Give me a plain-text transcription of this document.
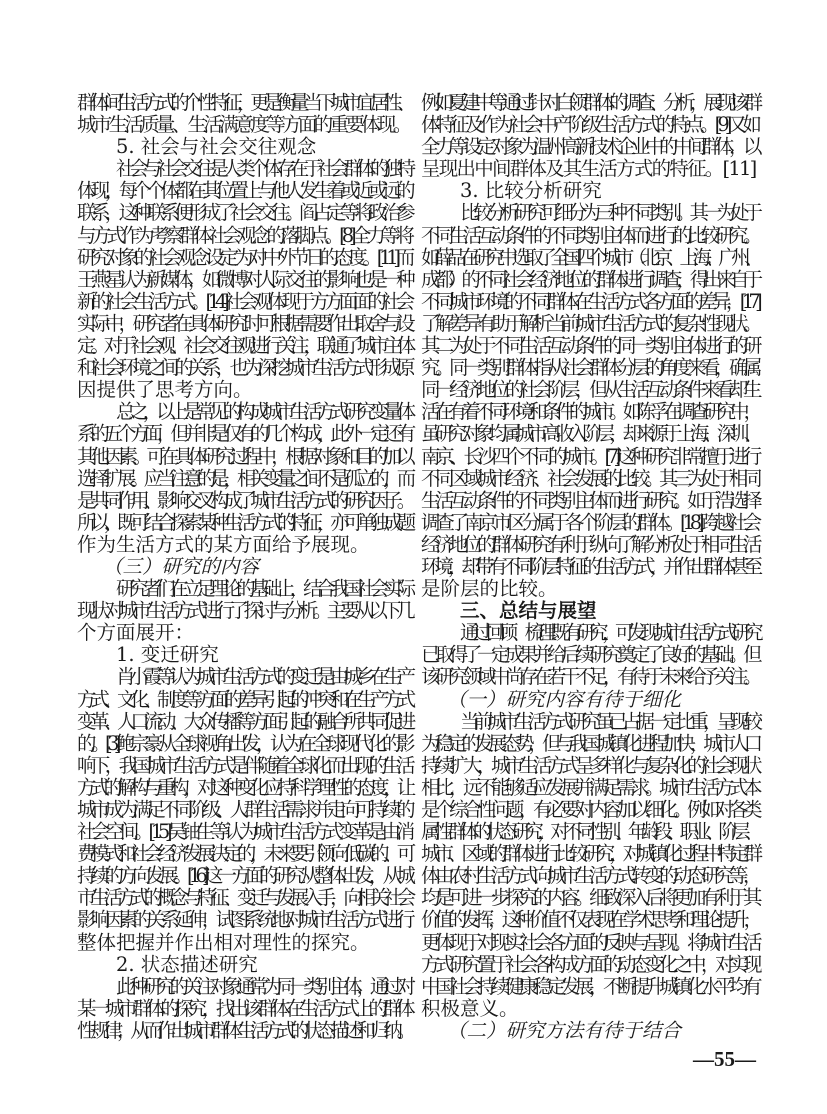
群体间生活方式的个性特征，更是衡量当下城市宜居性、
城市生活质量、生活满意度等方面的重要体现。
5. 社会与社会交往观念
社会与社会交往是人类个体存在于社会群体的独特
体现，每个个体都在其位置上与他人发生着或近或远的
联系，这种联系便形成了社会交往。阎占定等将政治参
与方式作为考察群体社会观念的落脚点。[8]全力等将
研究对象的社会观念设定为对中外节日的态度。[11]而
王燕星认为新媒体，如微博对人际交往的影响也是一种
新的社会生活方式。[14]社会观体现于方方面面的社会
实际中，研究者在具体研究时可根据需要作出取舍与设
定。对于社会观、社会交往观进行关注，联通了城市主体
和社会环境之间的关系，也为深挖城市生活方式形成原
因提供了思考方向。
总之，以上是常见的构成城市生活方式研究变量体
系的五个方面，但并非是仅有的几个构成，此外一定还有
其他因素。可在具体研究过程中，根据对象和目的加以
选择扩展。应当注意的是，相关变量之间不是孤立的，而
是共同作用、影响交叉构成了城市生活方式的研究因子。
所以，既可结合探索某种生活方式的特征，亦可单独成题
作为生活方式的某方面给予展现。
（三）研究的内容
研究者们在立足理论的基础上，结合我国社会实际
现状对城市生活方式进行了探讨与分析。主要从以下几
个方面展开：
1. 变迁研究
肖小霞等认为城市生活方式的变迁是由城乡在生产
方式、文化、制度等方面的差异引起的冲突和在生产方式
变革、人口流动、大众传播等方面引起的融合所共同促进
的。[3]鲍宗豪从全球视角出发，认为在全球现代化的影
响下，我国城市生活方式是伴随着全球化而出现的生活
方式的解构与重构，对这种变化应持科学理性的态度，让
城市成为满足不同阶级、人群生活需求并走向可持续的
社会空间。[15]吴铀生等认为城市生活方式变革是由消
费模式和社会经济发展决定的，未来要引领向低碳的、可
持续的方向发展。[16]这一方面的研究从整体出发，从城
市生活方式的概念与特征、变迁与发展入手，向相关社会
影响因素的关系延伸，试图系统地对城市生活方式进行
整体把握并作出相对理性的探究。
2. 状态描述研究
此种研究的关注对象通常为同一类别主体，通过对
某一城市群体的探究，找出该群体在生活方式上的群体
性规律，从而作出城市群体生活方式的状态描述和归纳。
例如夏建中等通过针对白领群体的调查、分析，展现该群
体特征及作为社会中产阶级生活方式的特点。[9]又如
全力等设定对象为温州高新技术企业中的中间群体，以
呈现出中间群体及其生活方式的特征。[11]
3. 比较分析研究
比较分析研究可细分为三种不同类别。其一为处于
不同生活互动条件的不同类别主体而进行的比较研究。
如薛品在研究中选取了全国四个城市（北京、上海、广州、
成都）的不同社会经济地位的群体进行调查，得出来自于
不同城市环境的不同群体在生活方式各方面的差异，[17]
了解差异有助于解析当前城市生活方式的复杂性现状。
其二为处于不同生活互动条件的同一类别主体进行的研
究。同一类别群体指从社会群体分层的角度来看，确属
同一经济地位的社会阶层，但从生活互动条件来看却生
活在有着不同环境和条件的城市。如陈孚在调查研究中，
虽研究对象均属城市高收入阶层，却来源于上海、深圳、
南京、长沙四个不同的城市。[7]这种研究非常擅于进行
不同区域城市经济、社会发展的比较。其三为处于相同
生活互动条件的不同类别主体而进行研究。如于浩选择
调查了南京市区分属于各个阶层的群体。[18]跨越社会
经济地位的群体研究有利于纵向了解分析处于相同生活
环境，却带有不同阶层特征的生活方式，并作出群体甚至
是阶层的比较。
三、总结与展望
通过回顾、梳理既有研究，可发现城市生活方式研究
已取得了一定成果并给后续研究奠定了良好的基础。但
该研究领域中尚存在若干不足，有待于未来给予关注。
（一）研究内容有待于细化
当前城市生活方式研究虽已占据一定比重，呈现较
为稳定的发展态势，但与我国城镇化进程加快，城市人口
持续扩大，城市生活方式呈多样化与复杂化的社会现状
相比，远不能够适应发展并满足需求。城市生活方式本
是个综合性问题，有必要对内容加以细化。例如对各类
属性群体的状态研究，对不同性别、年龄段、职业、阶层、
城市、区域的群体进行比较研究，对城镇化过程中特定群
体由农村生活方式向城市生活方式转变的动态研究等，
均是可进一步探究的内容。细致深入后将更加有利于其
价值的发挥，这种价值不仅表现在学术思考和理论提升，
更体现于对现实社会各方面的反映与呈现。将城市生活
方式研究置于社会各构成方面的动态变化之中，对实现
中国社会持续健康稳定发展，不断提升城镇化水平均有
积极意义。
（二）研究方法有待于结合
—55—
